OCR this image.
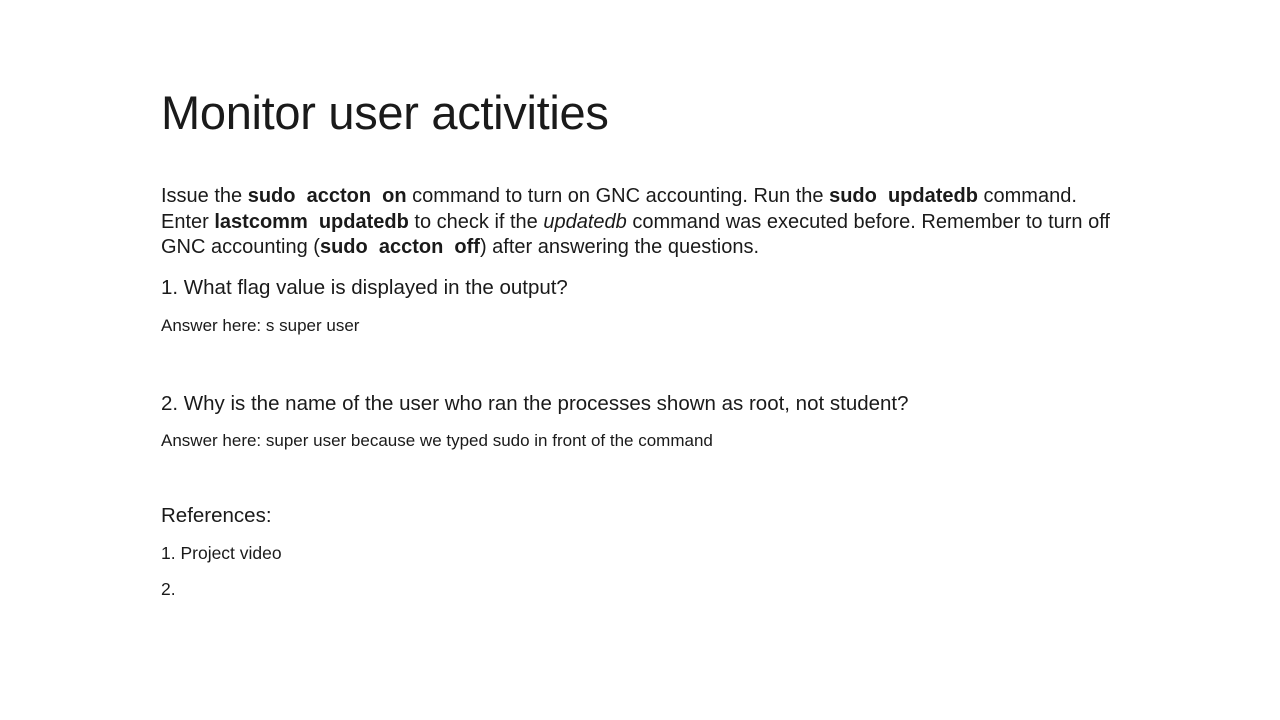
Monitor user activities

Issue the sudo  accton  on command to turn on GNC accounting. Run the sudo  updatedb command. Enter lastcomm  updatedb to check if the updatedb command was executed before. Remember to turn off GNC accounting (sudo  accton  off) after answering the questions.

1. What flag value is displayed in the output?

Answer here: s super user

2. Why is the name of the user who ran the processes shown as root, not student?

Answer here: super user because we typed sudo in front of the command

References:

1. Project video

2.
